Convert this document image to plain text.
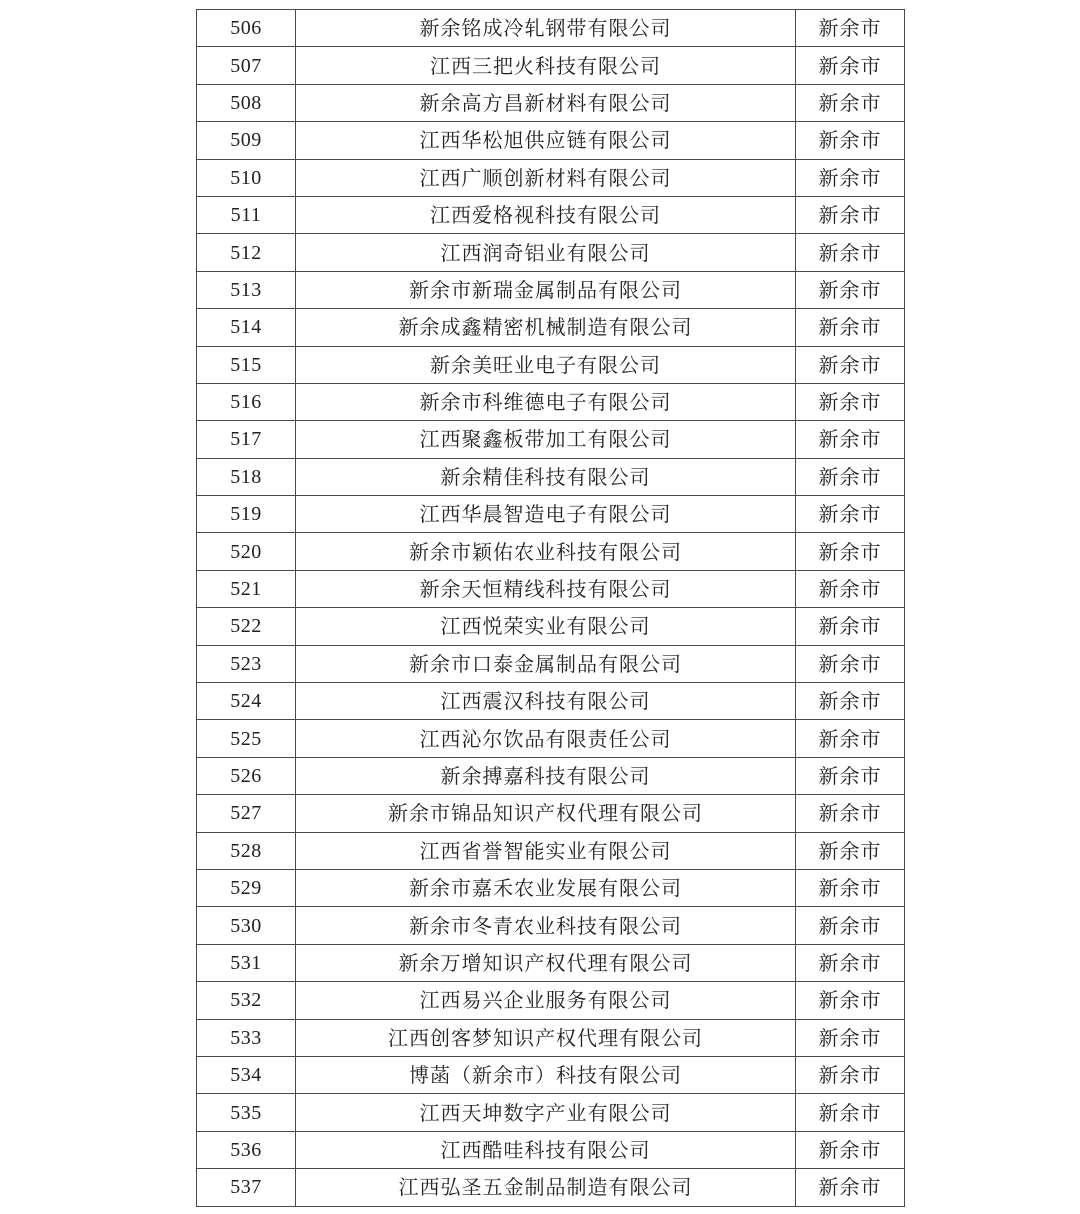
506	新余铭成冷轧钢带有限公司	新余市
507	江西三把火科技有限公司	新余市
508	新余高方昌新材料有限公司	新余市
509	江西华松旭供应链有限公司	新余市
510	江西广顺创新材料有限公司	新余市
511	江西爱格视科技有限公司	新余市
512	江西润奇铝业有限公司	新余市
513	新余市新瑞金属制品有限公司	新余市
514	新余成鑫精密机械制造有限公司	新余市
515	新余美旺业电子有限公司	新余市
516	新余市科维德电子有限公司	新余市
517	江西聚鑫板带加工有限公司	新余市
518	新余精佳科技有限公司	新余市
519	江西华晨智造电子有限公司	新余市
520	新余市颖佑农业科技有限公司	新余市
521	新余天恒精线科技有限公司	新余市
522	江西悦荣实业有限公司	新余市
523	新余市口泰金属制品有限公司	新余市
524	江西震汉科技有限公司	新余市
525	江西沁尔饮品有限责任公司	新余市
526	新余搏嘉科技有限公司	新余市
527	新余市锦品知识产权代理有限公司	新余市
528	江西省誉智能实业有限公司	新余市
529	新余市嘉禾农业发展有限公司	新余市
530	新余市冬青农业科技有限公司	新余市
531	新余万增知识产权代理有限公司	新余市
532	江西易兴企业服务有限公司	新余市
533	江西创客梦知识产权代理有限公司	新余市
534	博菡（新余市）科技有限公司	新余市
535	江西天坤数字产业有限公司	新余市
536	江西酷哇科技有限公司	新余市
537	江西弘圣五金制品制造有限公司	新余市
